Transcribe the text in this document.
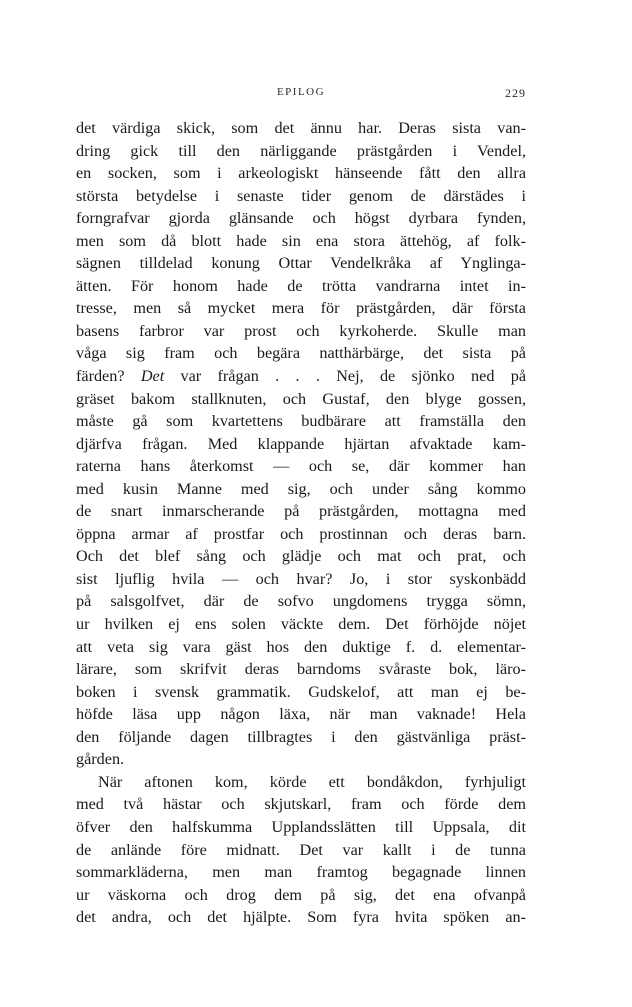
EPILOG	229
det värdiga skick, som det ännu har. Deras sista van-
dring gick till den närliggande prästgården i Vendel,
en socken, som i arkeologiskt hänseende fått den allra
största betydelse i senaste tider genom de därstädes i
forngrafvar gjorda glänsande och högst dyrbara fynden,
men som då blott hade sin ena stora ättehög, af folk-
sägnen tilldelad konung Ottar Vendelkråka af Ynglinga-
ätten. För honom hade de trötta vandrarna intet in-
tresse, men så mycket mera för prästgården, där första
basens farbror var prost och kyrkoherde. Skulle man
våga sig fram och begära natthärbärge, det sista på
färden? Det var frågan . . . Nej, de sjönko ned på
gräset bakom stallknuten, och Gustaf, den blyge gossen,
måste gå som kvartettens budbärare att framställa den
djärfva frågan. Med klappande hjärtan afvaktade kam-
raterna hans återkomst — och se, där kommer han
med kusin Manne med sig, och under sång kommo
de snart inmarscherande på prästgården, mottagna med
öppna armar af prostfar och prostinnan och deras barn.
Och det blef sång och glädje och mat och prat, och
sist ljuflig hvila — och hvar? Jo, i stor syskonbädd
på salsgolfvet, där de sofvo ungdomens trygga sömn,
ur hvilken ej ens solen väckte dem. Det förhöjde nöjet
att veta sig vara gäst hos den duktige f. d. elementar-
lärare, som skrifvit deras barndoms svåraste bok, läro-
boken i svensk grammatik. Gudskelof, att man ej be-
höfde läsa upp någon läxa, när man vaknade! Hela
den följande dagen tillbragtes i den gästvänliga präst-
gården.
När aftonen kom, körde ett bondåkdon, fyrhjuligt
med två hästar och skjutskarl, fram och förde dem
öfver den halfskumma Upplandsslätten till Uppsala, dit
de anlände före midnatt. Det var kallt i de tunna
sommarkläderna, men man framtog begagnade linnen
ur väskorna och drog dem på sig, det ena ofvanpå
det andra, och det hjälpte. Som fyra hvita spöken an-
